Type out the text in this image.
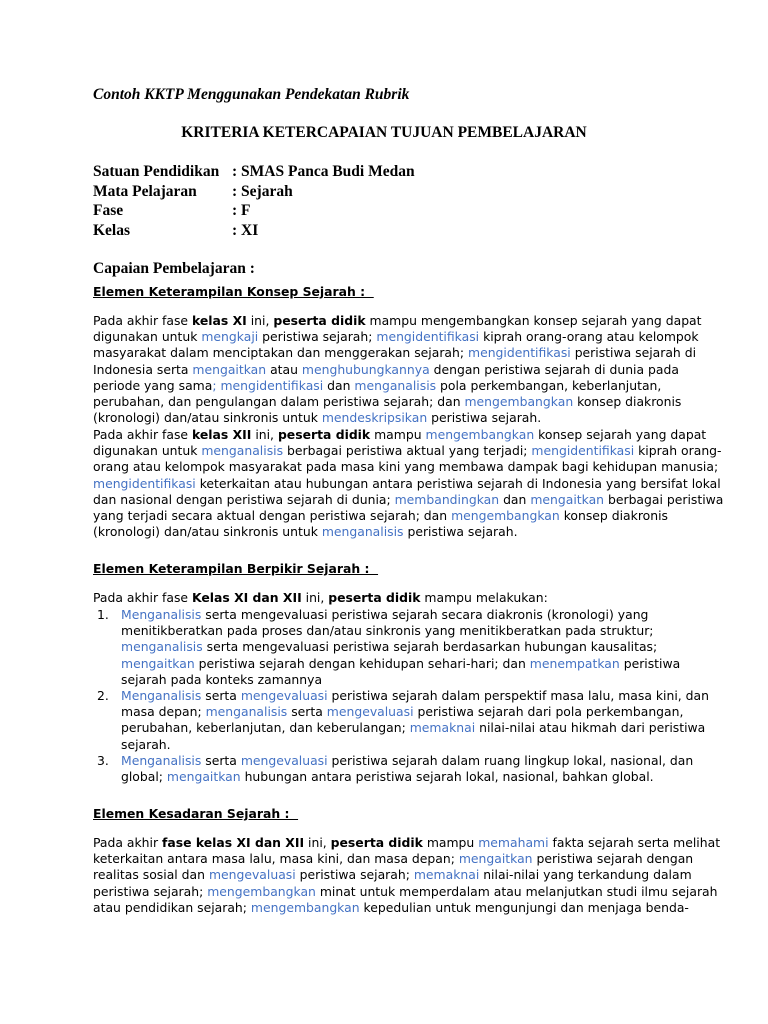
Contoh KKTP Menggunakan Pendekatan Rubrik
KRITERIA KETERCAPAIAN TUJUAN PEMBELAJARAN
Satuan Pendidikan	: SMAS Panca Budi Medan
Mata Pelajaran	: Sejarah
Fase	: F
Kelas	: XI
Capaian Pembelajaran :
Elemen Keterampilan Konsep Sejarah :
Pada akhir fase kelas XI ini, peserta didik mampu mengembangkan konsep sejarah yang dapat
digunakan untuk mengkaji peristiwa sejarah; mengidentifikasi kiprah orang-orang atau kelompok
masyarakat dalam menciptakan dan menggerakan sejarah; mengidentifikasi peristiwa sejarah di
Indonesia serta mengaitkan atau menghubungkannya dengan peristiwa sejarah di dunia pada
periode yang sama; mengidentifikasi dan menganalisis pola perkembangan, keberlanjutan,
perubahan, dan pengulangan dalam peristiwa sejarah; dan mengembangkan konsep diakronis
(kronologi) dan/atau sinkronis untuk mendeskripsikan peristiwa sejarah.
Pada akhir fase kelas XII ini, peserta didik mampu mengembangkan konsep sejarah yang dapat
digunakan untuk menganalisis berbagai peristiwa aktual yang terjadi; mengidentifikasi kiprah orang-
orang atau kelompok masyarakat pada masa kini yang membawa dampak bagi kehidupan manusia;
mengidentifikasi keterkaitan atau hubungan antara peristiwa sejarah di Indonesia yang bersifat lokal
dan nasional dengan peristiwa sejarah di dunia; membandingkan dan mengaitkan berbagai peristiwa
yang terjadi secara aktual dengan peristiwa sejarah; dan mengembangkan konsep diakronis
(kronologi) dan/atau sinkronis untuk menganalisis peristiwa sejarah.
Elemen Keterampilan Berpikir Sejarah :
Pada akhir fase Kelas XI dan XII ini, peserta didik mampu melakukan:
1. Menganalisis serta mengevaluasi peristiwa sejarah secara diakronis (kronologi) yang
menitikberatkan pada proses dan/atau sinkronis yang menitikberatkan pada struktur;
menganalisis serta mengevaluasi peristiwa sejarah berdasarkan hubungan kausalitas;
mengaitkan peristiwa sejarah dengan kehidupan sehari-hari; dan menempatkan peristiwa
sejarah pada konteks zamannya
2. Menganalisis serta mengevaluasi peristiwa sejarah dalam perspektif masa lalu, masa kini, dan
masa depan; menganalisis serta mengevaluasi peristiwa sejarah dari pola perkembangan,
perubahan, keberlanjutan, dan keberulangan; memaknai nilai-nilai atau hikmah dari peristiwa
sejarah.
3. Menganalisis serta mengevaluasi peristiwa sejarah dalam ruang lingkup lokal, nasional, dan
global; mengaitkan hubungan antara peristiwa sejarah lokal, nasional, bahkan global.
Elemen Kesadaran Sejarah :
Pada akhir fase kelas XI dan XII ini, peserta didik mampu memahami fakta sejarah serta melihat
keterkaitan antara masa lalu, masa kini, dan masa depan; mengaitkan peristiwa sejarah dengan
realitas sosial dan mengevaluasi peristiwa sejarah; memaknai nilai-nilai yang terkandung dalam
peristiwa sejarah; mengembangkan minat untuk memperdalam atau melanjutkan studi ilmu sejarah
atau pendidikan sejarah; mengembangkan kepedulian untuk mengunjungi dan menjaga benda-
